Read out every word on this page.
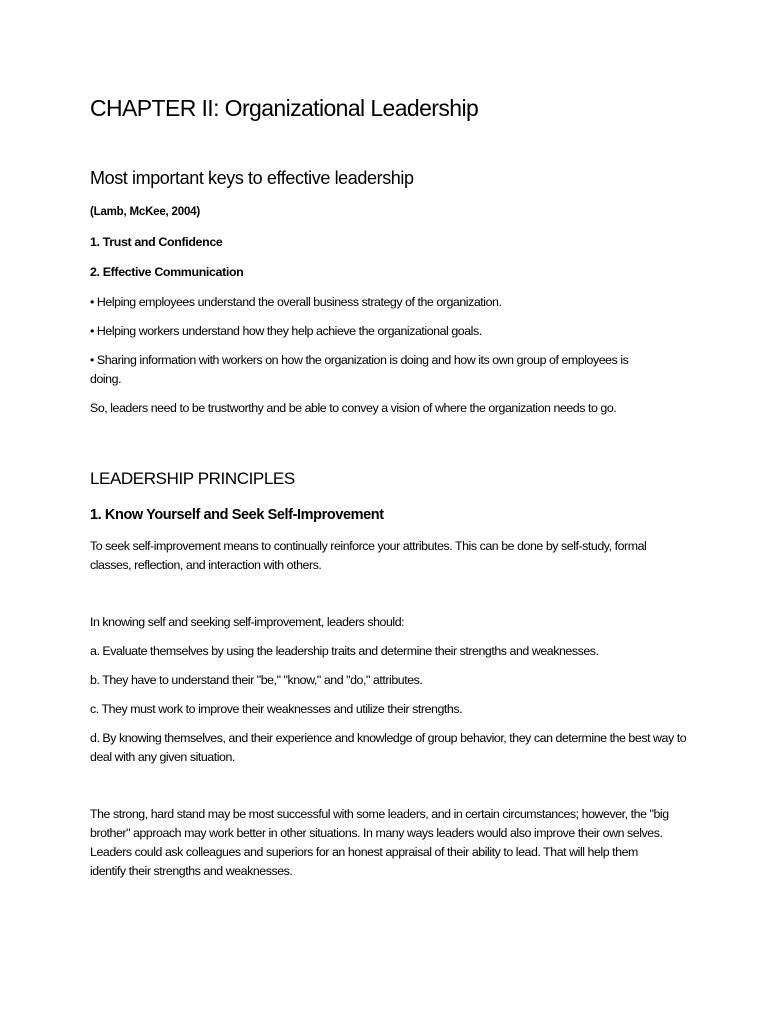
CHAPTER II: Organizational Leadership
Most important keys to effective leadership

(Lamb, McKee, 2004)

1. Trust and Confidence

2. Effective Communication

• Helping employees understand the overall business strategy of the organization.

• Helping workers understand how they help achieve the organizational goals.

• Sharing information with workers on how the organization is doing and how its own group of employees is doing.

So, leaders need to be trustworthy and be able to convey a vision of where the organization needs to go.

LEADERSHIP PRINCIPLES
1. Know Yourself and Seek Self-Improvement

To seek self-improvement means to continually reinforce your attributes. This can be done by self-study, formal classes, reflection, and interaction with others.

In knowing self and seeking self-improvement, leaders should:

a. Evaluate themselves by using the leadership traits and determine their strengths and weaknesses.

b. They have to understand their "be," "know," and "do," attributes.

c. They must work to improve their weaknesses and utilize their strengths.

d. By knowing themselves, and their experience and knowledge of group behavior, they can determine the best way to deal with any given situation.

The strong, hard stand may be most successful with some leaders, and in certain circumstances; however, the "big brother" approach may work better in other situations. In many ways leaders would also improve their own selves. Leaders could ask colleagues and superiors for an honest appraisal of their ability to lead. That will help them identify their strengths and weaknesses.
